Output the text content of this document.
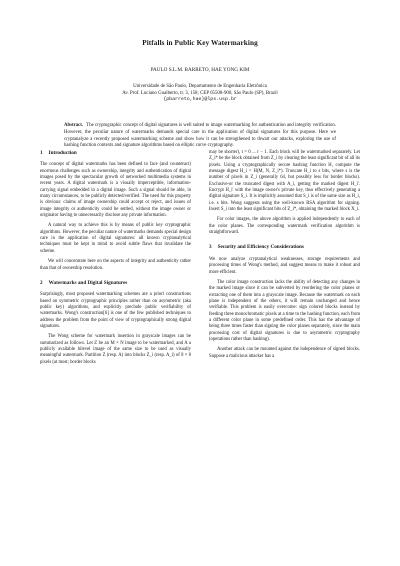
Pitfalls in Public Key Watermarking
PAULO S.L.M. BARRETO, HAE YONG KIM
Universidade de São Paulo, Departamento de Engenharia Eletrônica
Av. Prof. Luciano Gualberto, tr. 3, 158; CEP 05508-900, São Paulo (SP), Brazil
{pbarreto,hae}@lps.usp.br
Abstract. The cryptographic concept of digital signatures is well suited to image watermarking for authentication and integrity verification. However, the peculiar nature of watermarks demands special care in the application of digital signatures for this purpose. Here we cryptanalyze a recently proposed watermarking scheme and show how it can be strengthened to thwart our attacks, exploring the use of hashing function contexts and signature algorithms based on elliptic curve cryptography.
1 Introduction

The concept of digital watermarks has been defined to face (and counteract) enormous challenges such as ownership, integrity and authentication of digital images posed by the spectacular growth of networked multimedia systems in recent years. A digital watermark is a visually imperceptible, information-carrying signal embedded in a digital image. Such a signal should be able, in many circumstances, to be publicly detected/verified. The need for this property is obvious: claims of image ownership could accept or reject, and issues of image integrity or authenticity could be settled, without the image owner or originator having to unnecessarily disclose any private information.

A natural way to achieve this is by means of public key cryptographic algorithms. However, the peculiar nature of watermarks demands special design care in the application of digital signatures: all known cryptanalytical techniques must be kept in mind to avoid subtle flaws that invalidate the scheme.

We will concentrate here on the aspects of integrity and authenticity rather than that of ownership resolution.

2 Watermarks and Digital Signatures

Surprisingly, most proposed watermarking schemes are a priori constructions based on symmetric cryptographic principles rather than on asymmetric (aka public key) algorithms, and explicitly preclude public verifiability of watermarks. Wong's construction[6] is one of the few published techniques to address the problem from the point of view of cryptographically strong digital signatures.

The Wong scheme for watermark insertion in grayscale images can be summarized as follows. Let Z be an M × N image to be watermarked, and A a publicly available bilevel image of the same size to be used as visually meaningful watermark. Partition Z (resp. A) into blocks Z_i (resp. A_i) of 8 × 8 pixels (at most; border blocks

may be shorter), t = 0 ... r − 1. Each block will be watermarked separately. Let Z_i* be the block obtained from Z_i by clearing the least significant bit of all its pixels. Using a cryptographically secure hashing function H, compute the message digest H_i = H(M, N, Z_i*). Truncate H_i to s bits, where s is the number of pixels in Z_i (generally 64, but possibly less for border blocks). Exclusive-or the truncated digest with A_i, getting the marked digest H_i'. Encrypt H_i' with the image owner's private key, thus effectively generating a digital signature S_i. It is implicitly assumed that S_i is of the same size as H_i, i.e. s bits. Wong suggests using the well-known RSA algorithm for signing. Insert S_i into the least significant bits of Z_i*, obtaining the marked block X_i.

For color images, the above algorithm is applied independently to each of the color planes. The corresponding watermark verification algorithm is straightforward.

3 Security and Efficiency Considerations

We now analyze cryptanalytical weaknesses, storage requirements and processing times of Wong's method, and suggest means to make it robust and more efficient.

The color image construction lacks the ability of detecting any changes in the marked image since it can be subverted by reordering the color planes or extracting one of them into a grayscale image. Because the watermark on each plane is independent of the others, it will remain unchanged and hence verifiable. This problem is easily overcome: sign colored blocks instead by feeding three monochromatic pixels at a time to the hashing function, each from a different color plane in some predefined order. This has the advantage of being three times faster than signing the color planes separately, since the main processing cost of digital signatures is due to asymmetric cryptography (operations rather than hashing).

Another attack can be mounted against the independence of signed blocks. Suppose a malicious attacker has a
